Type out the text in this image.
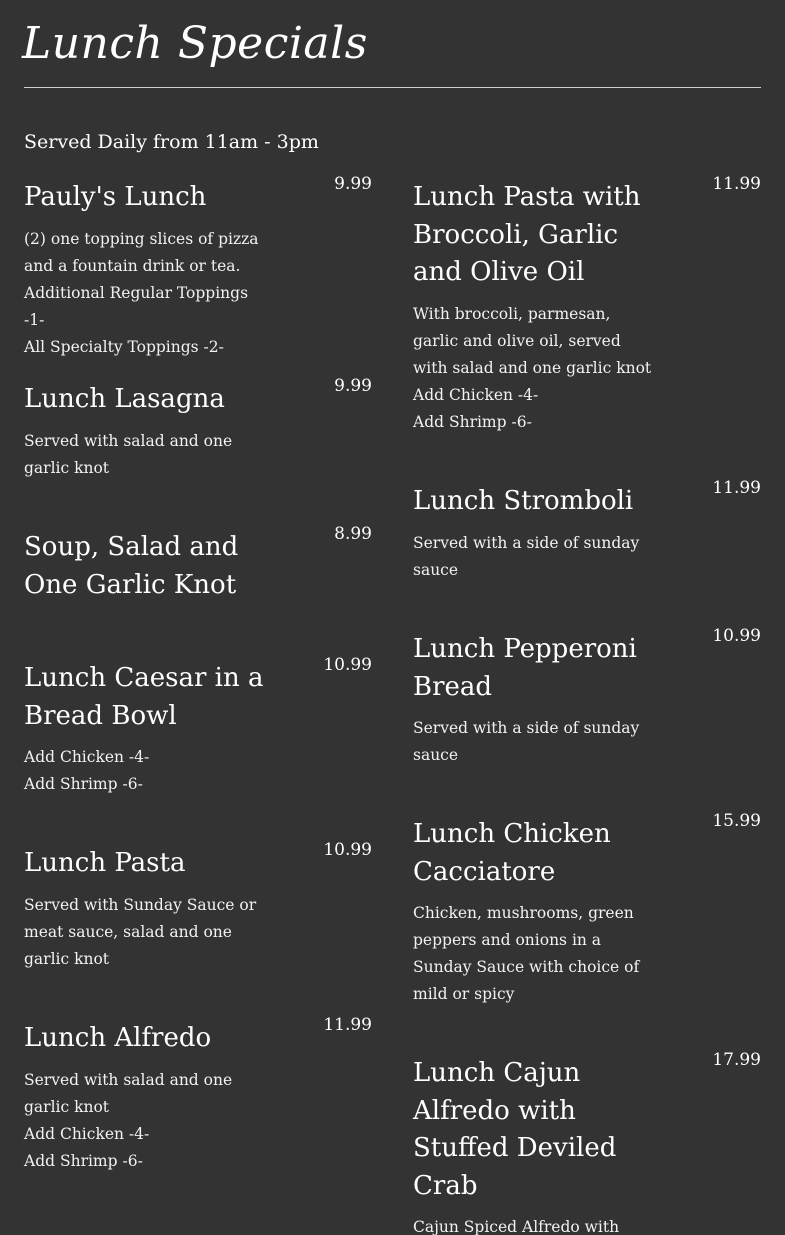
Lunch Specials
Served Daily from 11am - 3pm
Pauly's Lunch	9.99
(2) one topping slices of pizza and a fountain drink or tea.
Additional Regular Toppings -1-
All Specialty Toppings -2-
Lunch Lasagna	9.99
Served with salad and one garlic knot
Soup, Salad and One Garlic Knot
8.99
Lunch Caesar in a Bread Bowl
10.99
Add Chicken -4-
Add Shrimp -6-
Lunch Pasta	10.99
Served with Sunday Sauce or meat sauce, salad and one garlic knot
Lunch Alfredo	11.99
Served with salad and one garlic knot
Add Chicken -4-
Add Shrimp -6-
Lunch Pasta with Broccoli, Garlic and Olive Oil
11.99
With broccoli, parmesan, garlic and olive oil, served with salad and one garlic knot
Add Chicken -4-
Add Shrimp -6-
Lunch Stromboli	11.99
Served with a side of sunday sauce
Lunch Pepperoni Bread
10.99
Served with a side of sunday sauce
Lunch Chicken Cacciatore
15.99
Chicken, mushrooms, green peppers and onions in a Sunday Sauce with choice of mild or spicy
Lunch Cajun Alfredo with Stuffed Deviled Crab
17.99
Cajun Spiced Alfredo with
